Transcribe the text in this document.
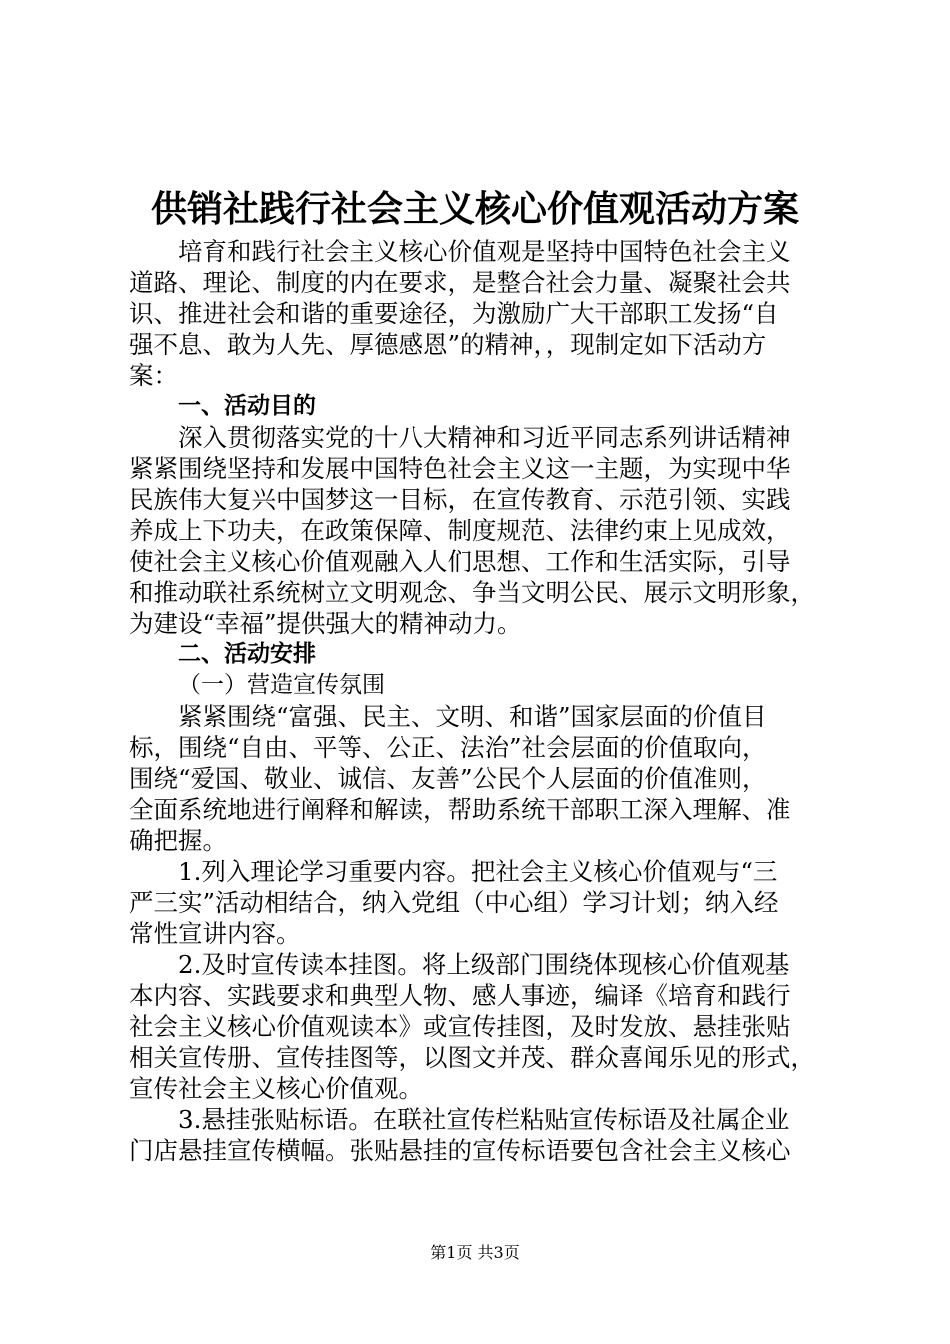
供销社践行社会主义核心价值观活动方案
培育和践行社会主义核心价值观是坚持中国特色社会主义
道路、理论、制度的内在要求，是整合社会力量、凝聚社会共
识、推进社会和谐的重要途径，为激励广大干部职工发扬“自
强不息、敢为人先、厚德感恩”的精神，，现制定如下活动方
案：
一、活动目的
深入贯彻落实党的十八大精神和习近平同志系列讲话精神
紧紧围绕坚持和发展中国特色社会主义这一主题，为实现中华
民族伟大复兴中国梦这一目标，在宣传教育、示范引领、实践
养成上下功夫，在政策保障、制度规范、法律约束上见成效，
使社会主义核心价值观融入人们思想、工作和生活实际，引导
和推动联社系统树立文明观念、争当文明公民、展示文明形象，
为建设“幸福”提供强大的精神动力。
二、活动安排
（一）营造宣传氛围
紧紧围绕“富强、民主、文明、和谐”国家层面的价值目
标，围绕“自由、平等、公正、法治”社会层面的价值取向，
围绕“爱国、敬业、诚信、友善”公民个人层面的价值准则，
全面系统地进行阐释和解读，帮助系统干部职工深入理解、准
确把握。
1.列入理论学习重要内容。把社会主义核心价值观与“三
严三实”活动相结合，纳入党组（中心组）学习计划；纳入经
常性宣讲内容。
2.及时宣传读本挂图。将上级部门围绕体现核心价值观基
本内容、实践要求和典型人物、感人事迹，编译《培育和践行
社会主义核心价值观读本》或宣传挂图，及时发放、悬挂张贴
相关宣传册、宣传挂图等，以图文并茂、群众喜闻乐见的形式，
宣传社会主义核心价值观。
3.悬挂张贴标语。在联社宣传栏粘贴宣传标语及社属企业
门店悬挂宣传横幅。张贴悬挂的宣传标语要包含社会主义核心
第1页 共3页
